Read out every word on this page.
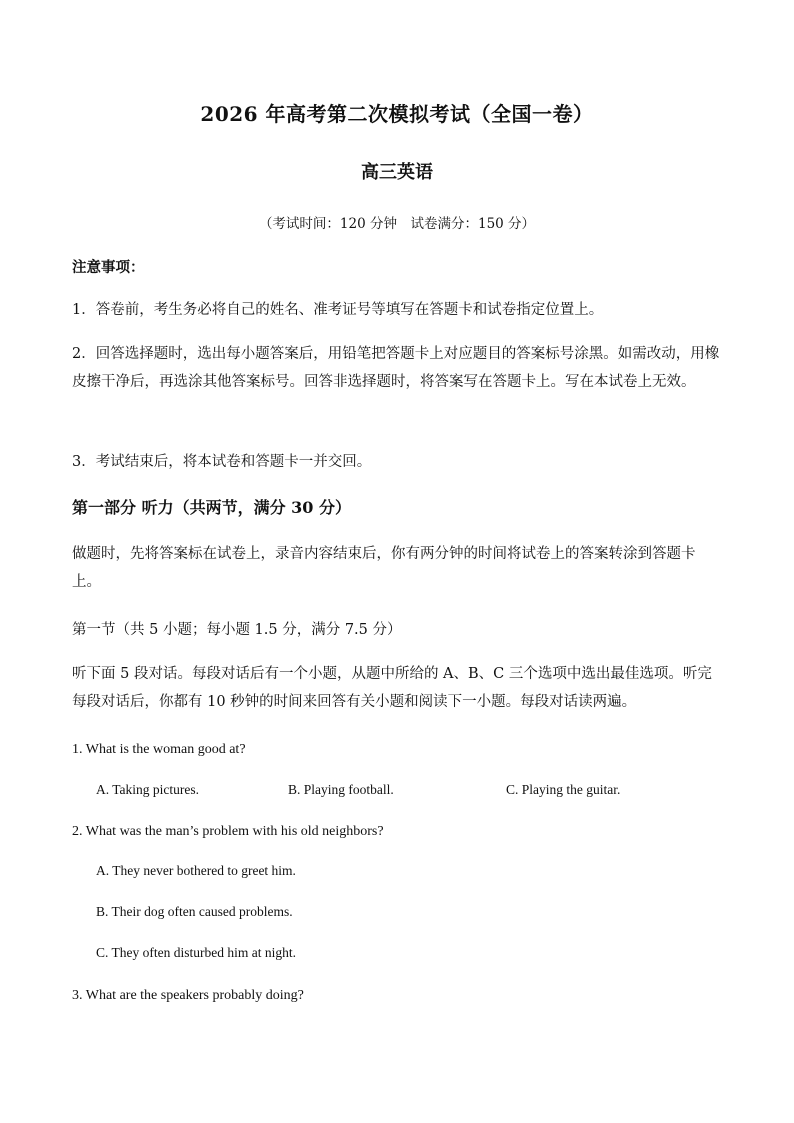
2026 年高考第二次模拟考试（全国一卷）
高三英语
（考试时间：120 分钟　试卷满分：150 分）
注意事项：
1．答卷前，考生务必将自己的姓名、准考证号等填写在答题卡和试卷指定位置上。
2．回答选择题时，选出每小题答案后，用铅笔把答题卡上对应题目的答案标号涂黑。如需改动，用橡皮擦干净后，再选涂其他答案标号。回答非选择题时，将答案写在答题卡上。写在本试卷上无效。
3．考试结束后，将本试卷和答题卡一并交回。
第一部分 听力（共两节，满分 30 分）
做题时，先将答案标在试卷上，录音内容结束后，你有两分钟的时间将试卷上的答案转涂到答题卡上。
第一节（共 5 小题；每小题 1.5 分，满分 7.5 分）
听下面 5 段对话。每段对话后有一个小题，从题中所给的 A、B、C 三个选项中选出最佳选项。听完每段对话后，你都有 10 秒钟的时间来回答有关小题和阅读下一小题。每段对话读两遍。
1. What is the woman good at?
A. Taking pictures.	B. Playing football.	C. Playing the guitar.
2. What was the man’s problem with his old neighbors?
A. They never bothered to greet him.
B. Their dog often caused problems.
C. They often disturbed him at night.
3. What are the speakers probably doing?
